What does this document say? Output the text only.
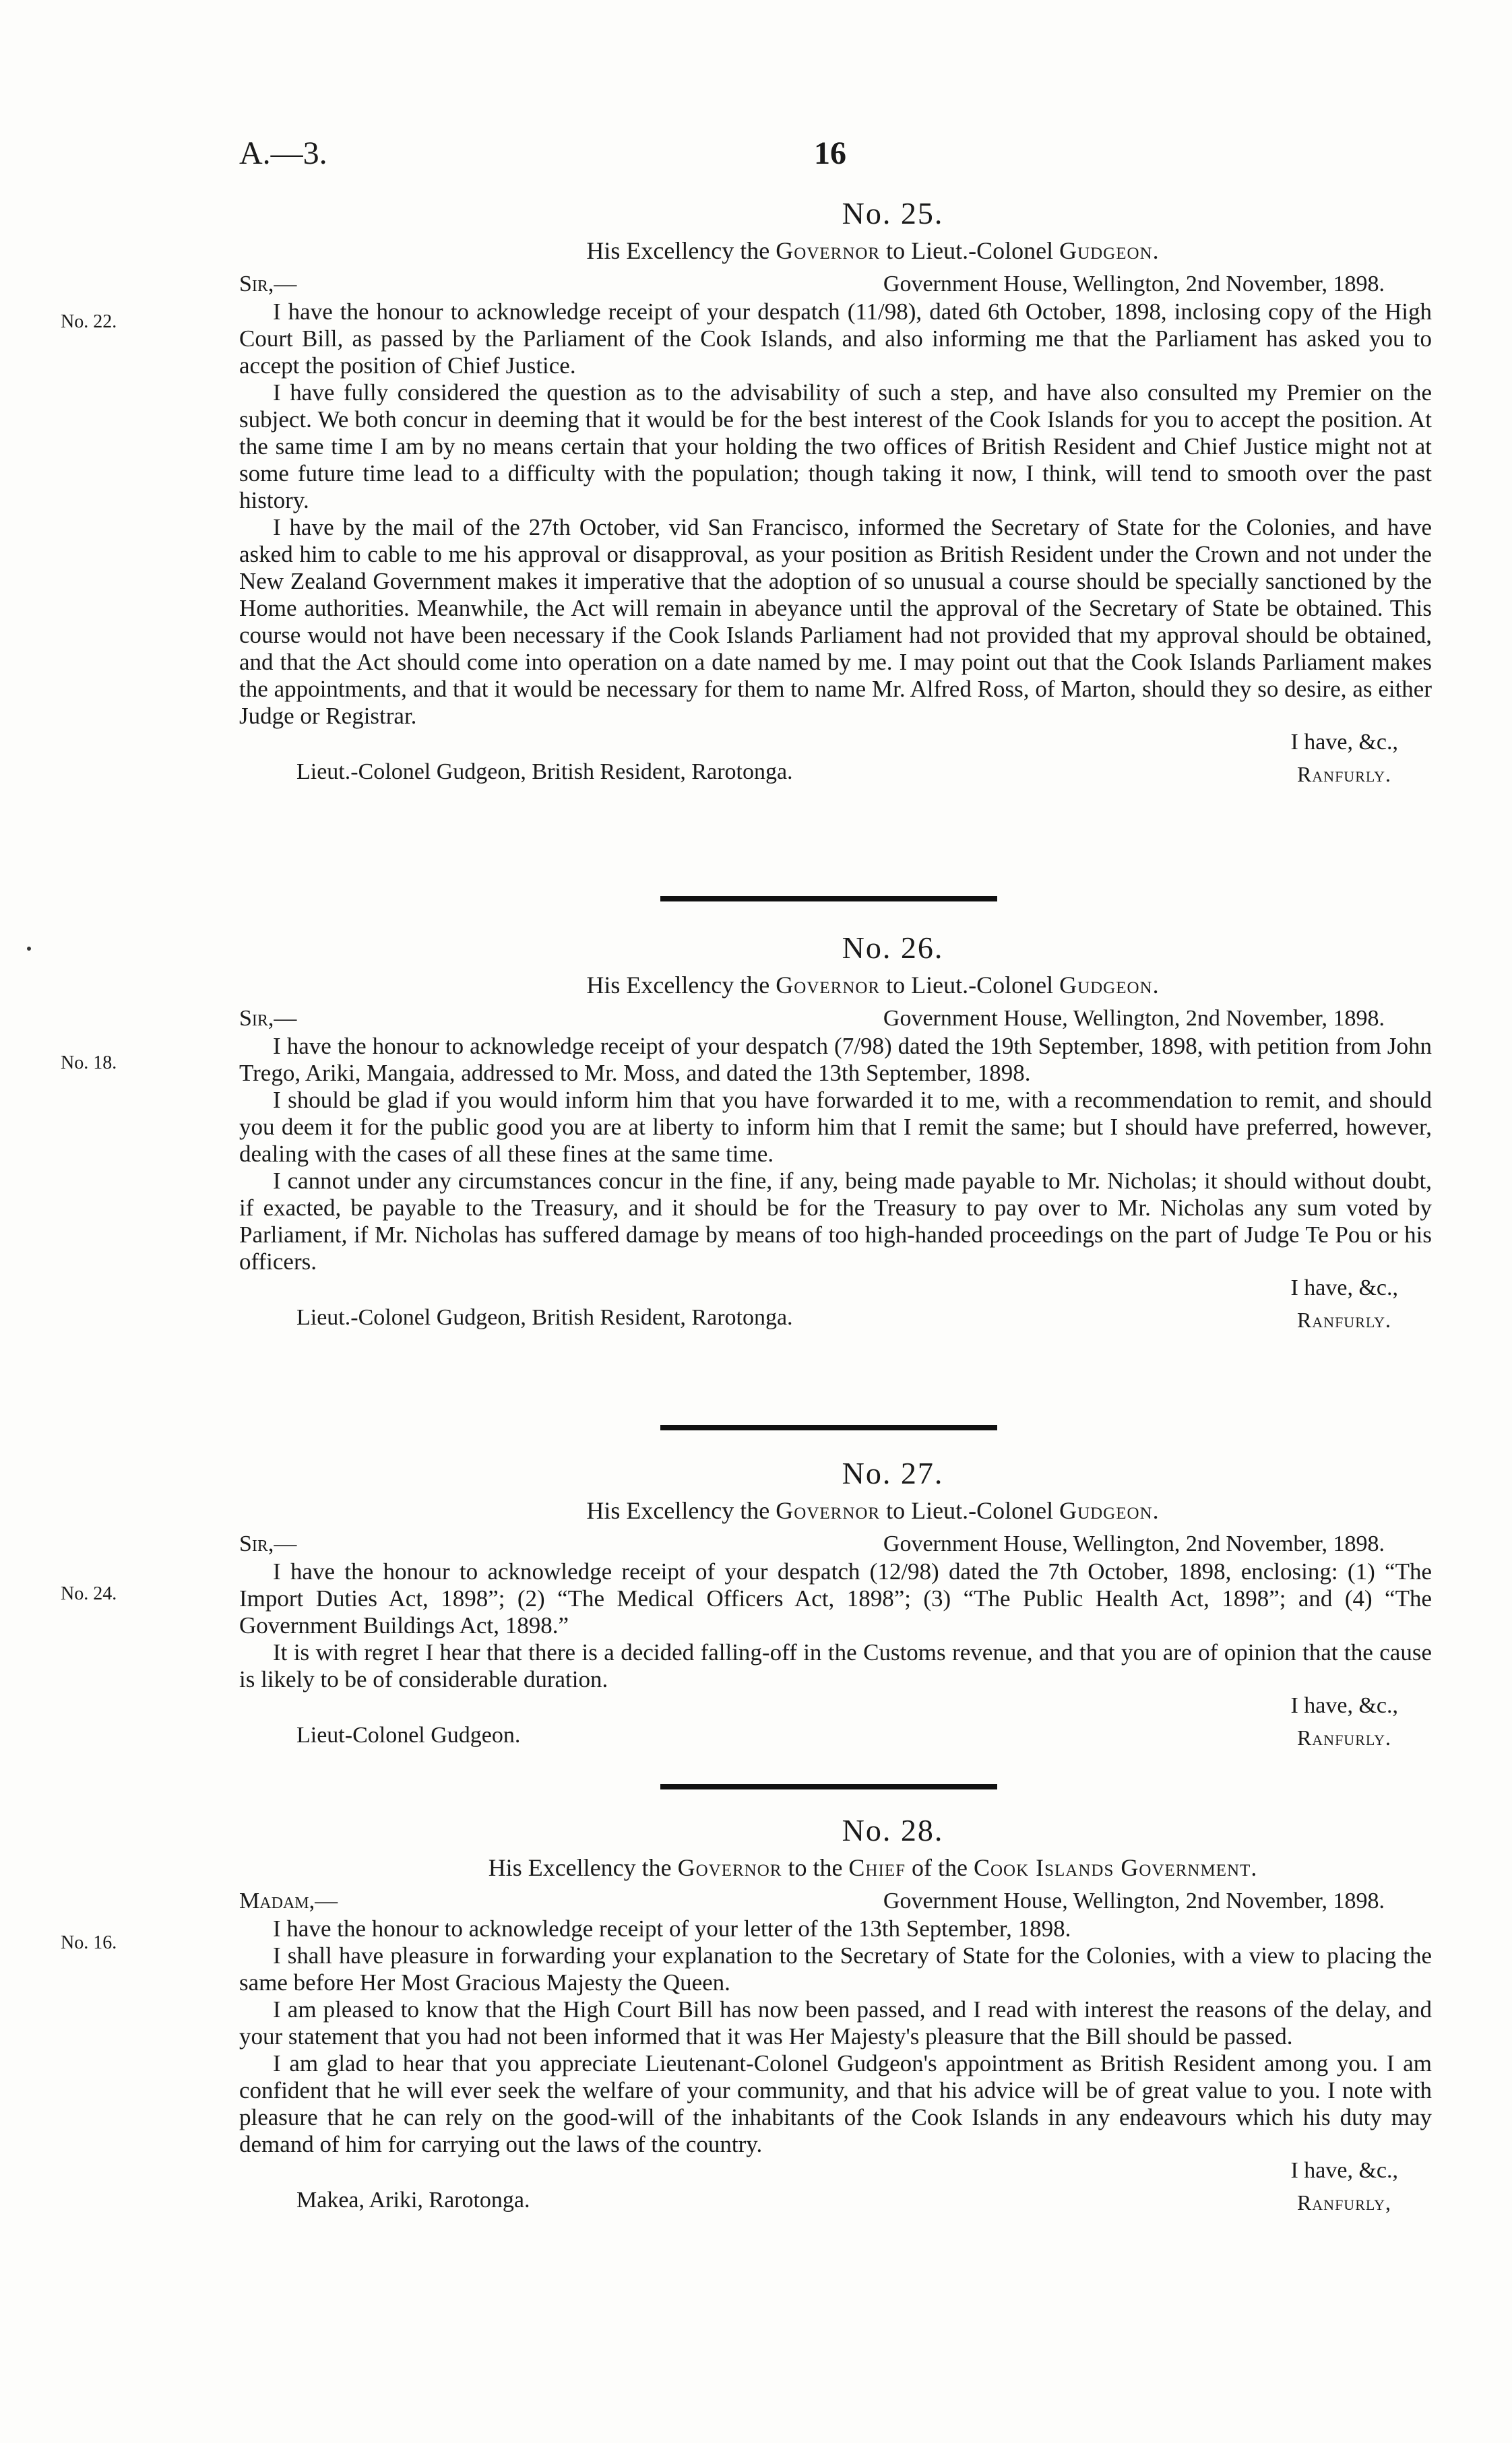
A.—3.	16
No. 25.
His Excellency the Governor to Lieut.-Colonel Gudgeon.
No. 22.
Sir,—	Government House, Wellington, 2nd November, 1898.

I have the honour to acknowledge receipt of your despatch (11/98), dated 6th October, 1898, inclosing copy of the High Court Bill, as passed by the Parliament of the Cook Islands, and also informing me that the Parliament has asked you to accept the position of Chief Justice.

I have fully considered the question as to the advisability of such a step, and have also consulted my Premier on the subject. We both concur in deeming that it would be for the best interest of the Cook Islands for you to accept the position. At the same time I am by no means certain that your holding the two offices of British Resident and Chief Justice might not at some future time lead to a difficulty with the population; though taking it now, I think, will tend to smooth over the past history.

I have by the mail of the 27th October, vid San Francisco, informed the Secretary of State for the Colonies, and have asked him to cable to me his approval or disapproval, as your position as British Resident under the Crown and not under the New Zealand Government makes it imperative that the adoption of so unusual a course should be specially sanctioned by the Home authorities. Meanwhile, the Act will remain in abeyance until the approval of the Secretary of State be obtained. This course would not have been necessary if the Cook Islands Parliament had not provided that my approval should be obtained, and that the Act should come into operation on a date named by me. I may point out that the Cook Islands Parliament makes the appointments, and that it would be necessary for them to name Mr. Alfred Ross, of Marton, should they so desire, as either Judge or Registrar.

I have, &c.,
Lieut.-Colonel Gudgeon, British Resident, Rarotonga.	Ranfurly.
No. 26.
His Excellency the Governor to Lieut.-Colonel Gudgeon.
No. 18.
Sir,—	Government House, Wellington, 2nd November, 1898.

I have the honour to acknowledge receipt of your despatch (7/98) dated the 19th September, 1898, with petition from John Trego, Ariki, Mangaia, addressed to Mr. Moss, and dated the 13th September, 1898.

I should be glad if you would inform him that you have forwarded it to me, with a recommendation to remit, and should you deem it for the public good you are at liberty to inform him that I remit the same; but I should have preferred, however, dealing with the cases of all these fines at the same time.

I cannot under any circumstances concur in the fine, if any, being made payable to Mr. Nicholas; it should without doubt, if exacted, be payable to the Treasury, and it should be for the Treasury to pay over to Mr. Nicholas any sum voted by Parliament, if Mr. Nicholas has suffered damage by means of too high-handed proceedings on the part of Judge Te Pou or his officers.

I have, &c.,
Lieut.-Colonel Gudgeon, British Resident, Rarotonga.	Ranfurly.
No. 27.
His Excellency the Governor to Lieut.-Colonel Gudgeon.
No. 24.
Sir,—	Government House, Wellington, 2nd November, 1898.

I have the honour to acknowledge receipt of your despatch (12/98) dated the 7th October, 1898, enclosing: (1) “The Import Duties Act, 1898”; (2) “The Medical Officers Act, 1898”; (3) “The Public Health Act, 1898”; and (4) “The Government Buildings Act, 1898.”

It is with regret I hear that there is a decided falling-off in the Customs revenue, and that you are of opinion that the cause is likely to be of considerable duration.

I have, &c.,
Lieut-Colonel Gudgeon.	Ranfurly.
No. 28.
His Excellency the Governor to the Chief of the Cook Islands Government.
No. 16.
Madam,—	Government House, Wellington, 2nd November, 1898.

I have the honour to acknowledge receipt of your letter of the 13th September, 1898.

I shall have pleasure in forwarding your explanation to the Secretary of State for the Colonies, with a view to placing the same before Her Most Gracious Majesty the Queen.

I am pleased to know that the High Court Bill has now been passed, and I read with interest the reasons of the delay, and your statement that you had not been informed that it was Her Majesty's pleasure that the Bill should be passed.

I am glad to hear that you appreciate Lieutenant-Colonel Gudgeon's appointment as British Resident among you. I am confident that he will ever seek the welfare of your community, and that his advice will be of great value to you. I note with pleasure that he can rely on the good-will of the inhabitants of the Cook Islands in any endeavours which his duty may demand of him for carrying out the laws of the country.

I have, &c.,
Makea, Ariki, Rarotonga.	Ranfurly,
